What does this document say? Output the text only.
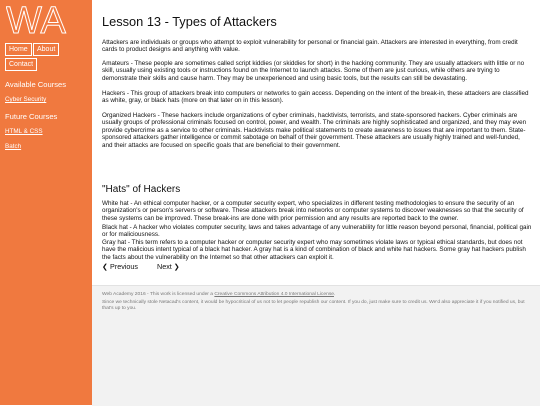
WA
Home	About
Contact
Available Courses
Cyber Security
Future Courses
HTML & CSS
Batch
Lesson 13 - Types of Attackers

Attackers are individuals or groups who attempt to exploit vulnerability for personal or financial gain. Attackers are interested in everything, from credit cards to product designs and anything with value.

Amateurs - These people are sometimes called script kiddies (or skiddies for short) in the hacking community. They are usually attackers with little or no skill, usually using existing tools or instructions found on the Internet to launch attacks. Some of them are just curious, while others are trying to demonstrate their skills and cause harm. They may be unexperienced and using basic tools, but the results can still be devastating.

Hackers - This group of attackers break into computers or networks to gain access. Depending on the intent of the break-in, these attackers are classified as white, gray, or black hats (more on that later on in this lesson).

Organized Hackers - These hackers include organizations of cyber criminals, hacktivists, terrorists, and state-sponsored hackers. Cyber criminals are usually groups of professional criminals focused on control, power, and wealth. The criminals are highly sophisticated and organized, and they may even provide cybercrime as a service to other criminals. Hacktivists make political statements to create awareness to issues that are important to them. State-sponsored attackers gather intelligence or commit sabotage on behalf of their government. These attackers are usually highly trained and well-funded, and their attacks are focused on specific goals that are beneficial to their government.

"Hats" of Hackers

White hat - An ethical computer hacker, or a computer security expert, who specializes in different testing methodologies to ensure the security of an organization's or person's servers or software. These attackers break into networks or computer systems to discover weaknesses so that the security of these systems can be improved. These break-ins are done with prior permission and any results are reported back to the owner.

Black hat - A hacker who violates computer security, laws and takes advantage of any vulnerability for little reason beyond personal, financial, political gain or for maliciousness.

❮ Previous	Next ❯

Gray hat - This term refers to a computer hacker or computer security expert who may sometimes violate laws or typical ethical standards, but does not have the malicious intent typical of a black hat hacker. A gray hat is a kind of combination of black and white hat hackers. Some gray hat hackers publish the facts about the vulnerability on the Internet so that other attackers can exploit it.

Web Academy 2016 - This work is licensed under a Creative Commons Attribution 4.0 International License.

Since we technically stole Netacad's content, it would be hypocritical of us not to let people republish our content. If you do, just make sure to credit us. We'd also appreciate it if you notified us, but that's up to you.
